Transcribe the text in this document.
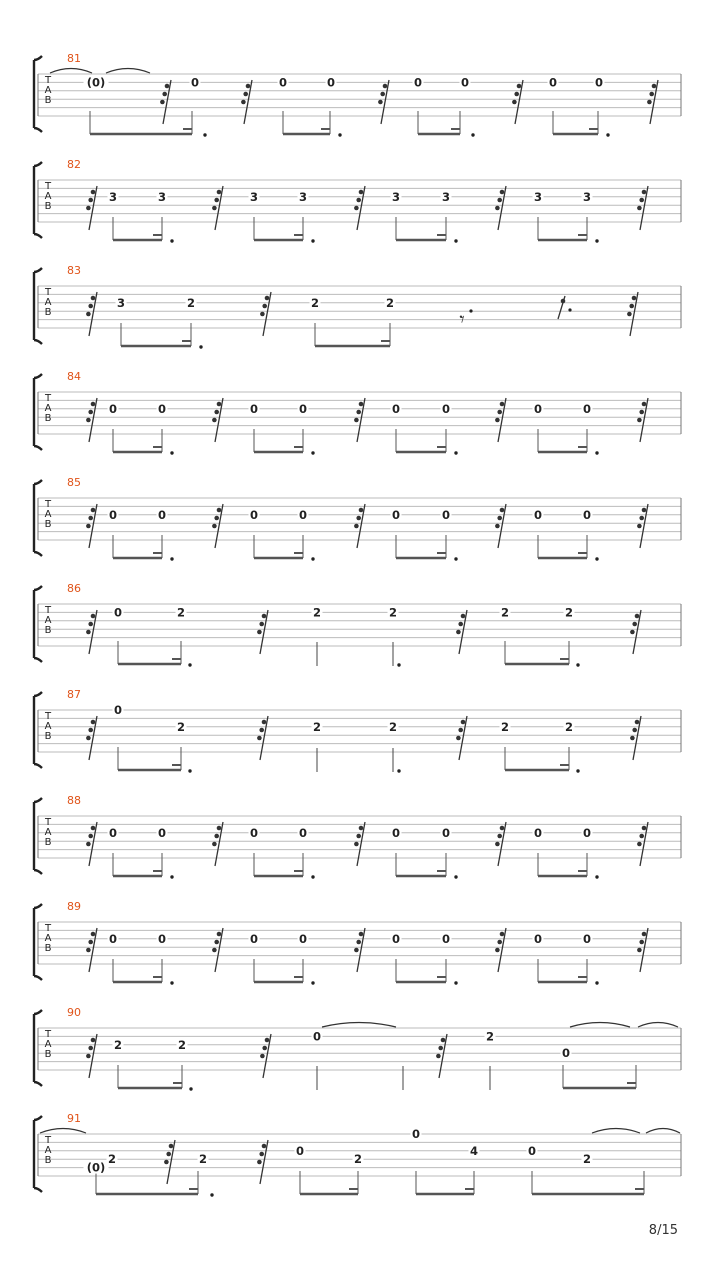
T
A
B
81
(0)	0	0	0	0	0	0	0
T
A
B
82
3	3	3	3	3	3	3	3
T
A
B
83
𝄾
3	2	2	2
T
A
B
84
0	0	0	0	0	0	0	0
T
A
B
85
0	0	0	0	0	0	0	0
T
A
B
86
0	2	2	2	2	2
T
A
B
87
0
2	2	2	2	2
T
A
B
88
0	0	0	0	0	0	0	0
T
A
B
89
0	0	0	0	0	0	0	0
T
A
B
90
2	2
0	2
0
T
A
B
91
(0)
2	2
0
2
0
4	0
2
8/15
